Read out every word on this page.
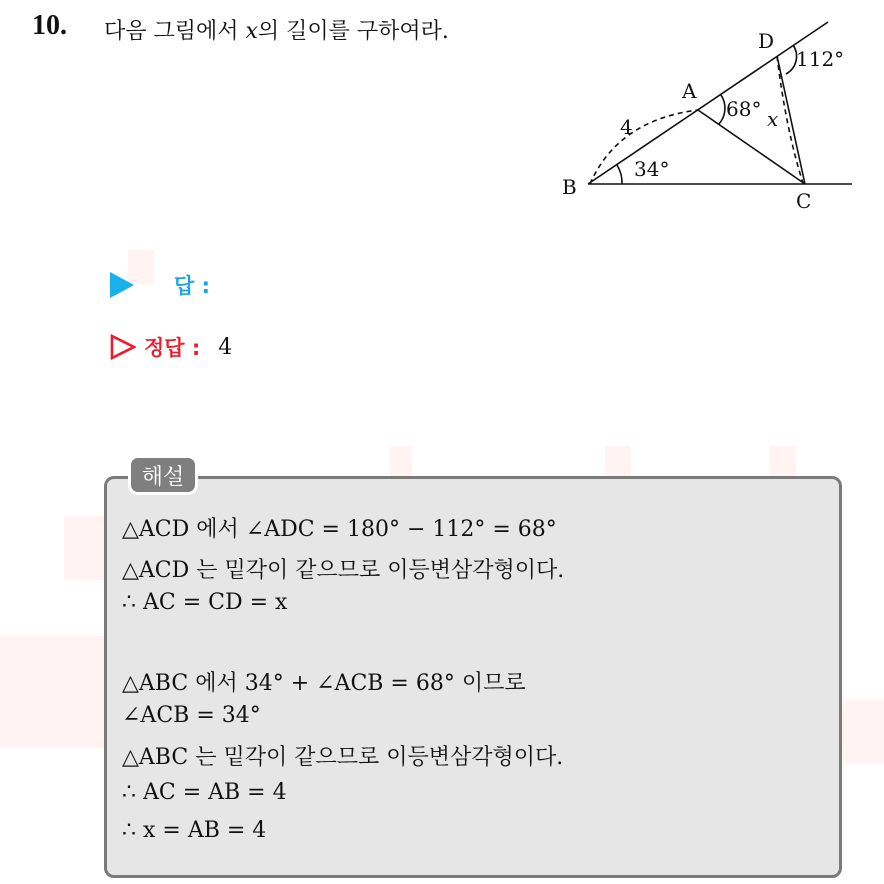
10. 다음 그림에서 x의 길이를 구하여라.
B
C
A
D
4
34°
68°
112°
x
답 :
정답 : 4
해설
△ACD 에서 ∠ADC = 180° − 112° = 68°
△ACD 는 밑각이 같으므로 이등변삼각형이다.
∴ AC = CD = x
△ABC 에서 34° + ∠ACB = 68° 이므로
∠ACB = 34°
△ABC 는 밑각이 같으므로 이등변삼각형이다.
∴ AC = AB = 4
∴ x = AB = 4
